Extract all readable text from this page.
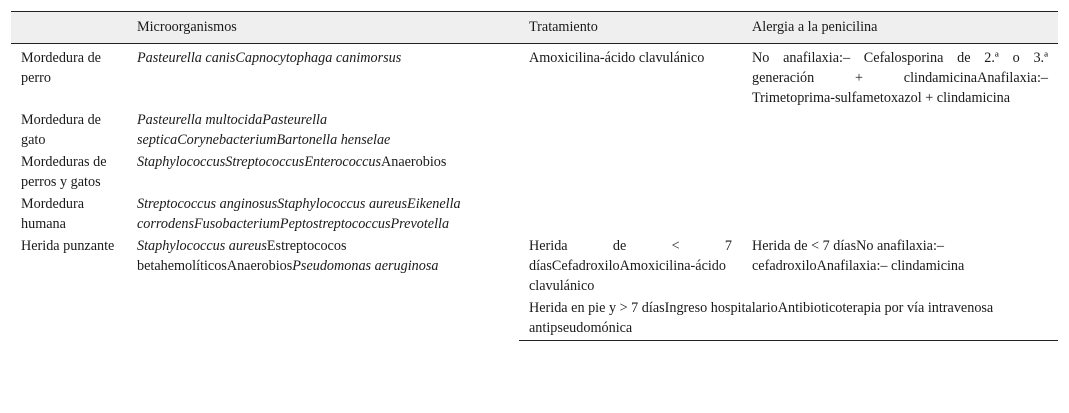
	Microorganismos	Tratamiento	Alergia a la penicilina
Mordedura de perro	Pasteurella canisCapnocytophaga canimorsus	Amoxicilina-ácido clavulánico	No anafilaxia:– Cefalosporina de 2.ª o 3.ª generación + clindamicinaAnafilaxia:– Trimetoprima-sulfametoxazol + clindamicina
Mordedura de gato	Pasteurella multocidaPasteurella septicaCorynebacteriumBartonella henselae		
Mordeduras de perros y gatos	StaphylococcusStreptococcusEnterococcusAnaerobios		
Mordedura humana	Streptococcus anginosusStaphylococcus aureusEikenella corrodensFusobacteriumPeptostreptococcusPrevotella		
Herida punzante	Staphylococcus aureusEstreptococos betahemolíticosAnaerobiosPseudomonas aeruginosa	Herida de < 7 díasCefadroxiloAmoxicilina-ácido clavulánico	Herida de < 7 díasNo anafilaxia:– cefadroxiloAnafilaxia:– clindamicina
		Herida en pie y > 7 díasIngreso hospitalarioAntibioticoterapia por vía intravenosa antipseudomónica	
